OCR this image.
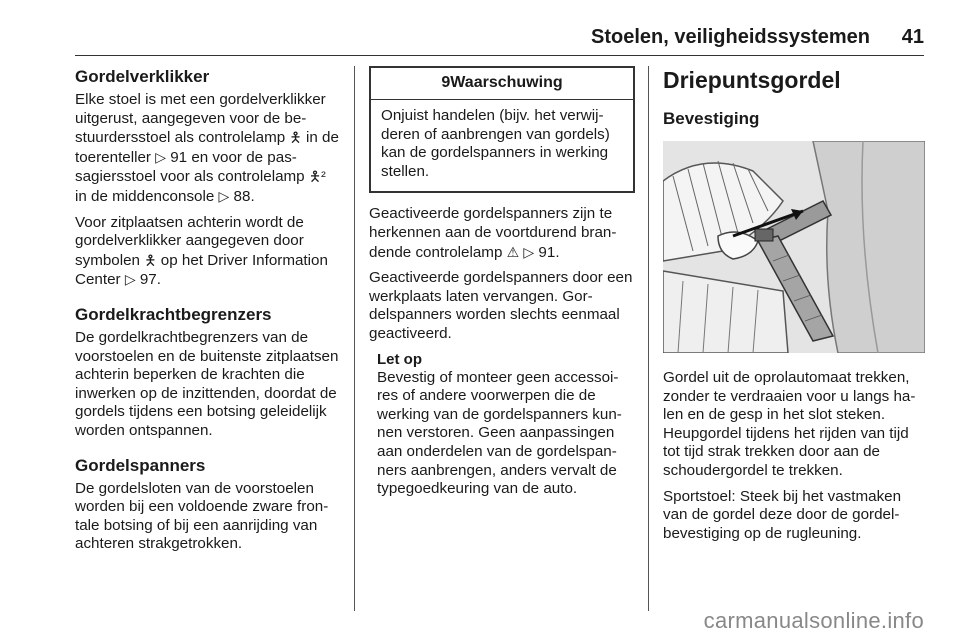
Stoelen, veiligheidssystemen 41
Gordelverklikker

Elke stoel is met een gordelverklikker uitgerust, aangegeven voor de bestuurdersstoel als controlelamp 🯅 in de toerenteller ▷ 91 en voor de passagiersstoel voor als controlelamp 🯅² in de middenconsole ▷ 88.

Voor zitplaatsen achterin wordt de gordelverklikker aangegeven door symbolen 🯅 op het Driver Information Center ▷ 97.

Gordelkrachtbegrenzers

De gordelkrachtbegrenzers van de voorstoelen en de buitenste zitplaatsen achterin beperken de krachten die inwerken op de inzittenden, doordat de gordels tijdens een botsing geleidelijk worden ontspannen.

Gordelspanners

De gordelsloten van de voorstoelen worden bij een voldoende zware frontale botsing of bij een aanrijding van achteren strakgetrokken.

9Waarschuwing

Onjuist handelen (bijv. het verwijderen of aanbrengen van gordels) kan de gordelspanners in werking stellen.

Geactiveerde gordelspanners zijn te herkennen aan de voortdurend brandende controlelamp ⚠ ▷ 91.

Geactiveerde gordelspanners door een werkplaats laten vervangen. Gordelspanners worden slechts eenmaal geactiveerd.

Let op

Bevestig of monteer geen accessoires of andere voorwerpen die de werking van de gordelspanners kunnen verstoren. Geen aanpassingen aan onderdelen van de gordelspanners aanbrengen, anders vervalt de typegoedkeuring van de auto.

Driepuntsgordel
Bevestiging

Gordel uit de oprolautomaat trekken, zonder te verdraaien voor u langs halen en de gesp in het slot steken. Heupgordel tijdens het rijden van tijd tot tijd strak trekken door aan de schoudergordel te trekken.

Sportstoel: Steek bij het vastmaken van de gordel deze door de gordelbevestiging op de rugleuning.

carmanualsonline.info
